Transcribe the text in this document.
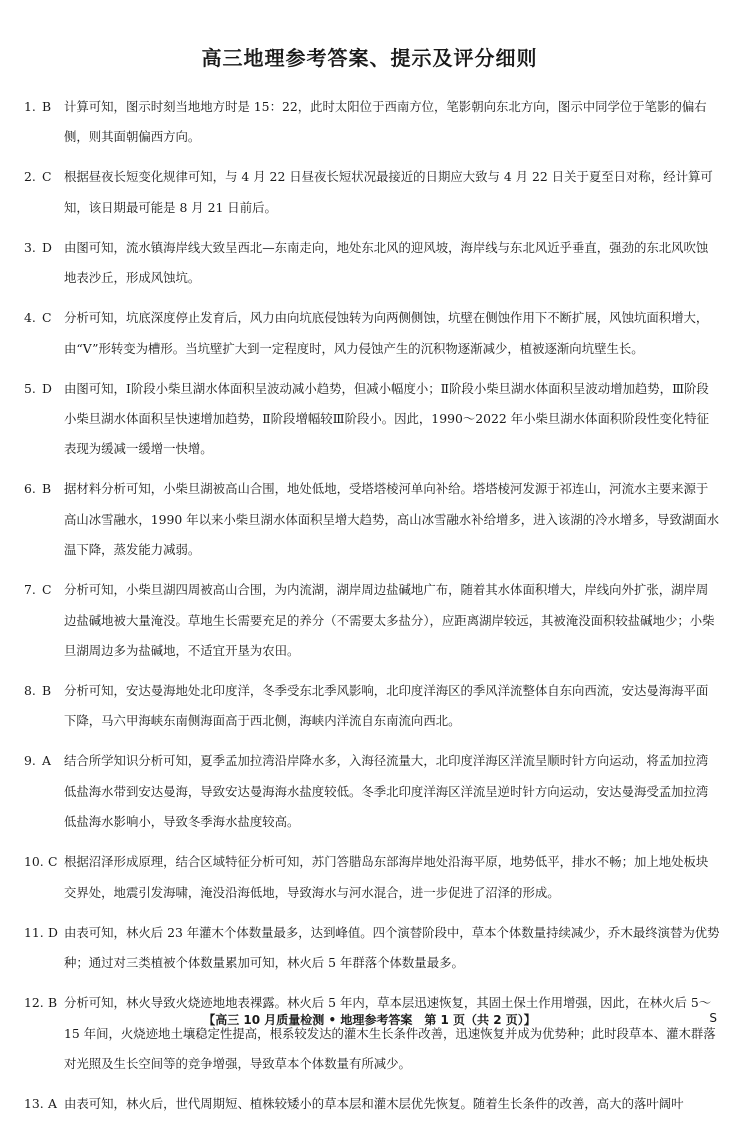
高三地理参考答案、提示及评分细则
1. B	计算可知，图示时刻当地地方时是 15：22，此时太阳位于西南方位，笔影朝向东北方向，图示中同学位于笔影的偏右侧，则其面朝偏西方向。
2. C	根据昼夜长短变化规律可知，与 4 月 22 日昼夜长短状况最接近的日期应大致与 4 月 22 日关于夏至日对称，经计算可知，该日期最可能是 8 月 21 日前后。
3. D 由图可知，流水镇海岸线大致呈西北—东南走向，地处东北风的迎风坡，海岸线与东北风近乎垂直，强劲的东北风吹蚀地表沙丘，形成风蚀坑。
4. C	分析可知，坑底深度停止发育后，风力由向坑底侵蚀转为向两侧侧蚀，坑壁在侧蚀作用下不断扩展，风蚀坑面积增大，由“V”形转变为槽形。当坑壁扩大到一定程度时，风力侵蚀产生的沉积物逐渐减少，植被逐渐向坑壁生长。
5. D 由图可知，Ⅰ阶段小柴旦湖水体面积呈波动减小趋势，但减小幅度小；Ⅱ阶段小柴旦湖水体面积呈波动增加趋势，Ⅲ阶段小柴旦湖水体面积呈快速增加趋势，Ⅱ阶段增幅较Ⅲ阶段小。因此，1990～2022 年小柴旦湖水体面积阶段性变化特征表现为缓减一缓增一快增。
6. B	据材料分析可知，小柴旦湖被高山合围，地处低地，受塔塔棱河单向补给。塔塔棱河发源于祁连山，河流水主要来源于高山冰雪融水，1990 年以来小柴旦湖水体面积呈增大趋势，高山冰雪融水补给增多，进入该湖的冷水增多，导致湖面水温下降，蒸发能力减弱。
7. C	分析可知，小柴旦湖四周被高山合围，为内流湖，湖岸周边盐碱地广布，随着其水体面积增大，岸线向外扩张，湖岸周边盐碱地被大量淹没。草地生长需要充足的养分（不需要太多盐分），应距离湖岸较远，其被淹没面积较盐碱地少；小柴旦湖周边多为盐碱地，不适宜开垦为农田。
8. B	分析可知，安达曼海地处北印度洋，冬季受东北季风影响，北印度洋海区的季风洋流整体自东向西流，安达曼海海平面下降，马六甲海峡东南侧海面高于西北侧，海峡内洋流自东南流向西北。
9. A	结合所学知识分析可知，夏季孟加拉湾沿岸降水多，入海径流量大，北印度洋海区洋流呈顺时针方向运动，将孟加拉湾低盐海水带到安达曼海，导致安达曼海海水盐度较低。冬季北印度洋海区洋流呈逆时针方向运动，安达曼海受孟加拉湾低盐海水影响小，导致冬季海水盐度较高。
10. C 根据沼泽形成原理，结合区域特征分析可知，苏门答腊岛东部海岸地处沿海平原，地势低平，排水不畅；加上地处板块交界处，地震引发海啸，淹没沿海低地，导致海水与河水混合，进一步促进了沼泽的形成。
11. D 由表可知，林火后 23 年灌木个体数量最多，达到峰值。四个演替阶段中，草本个体数量持续减少，乔木最终演替为优势种；通过对三类植被个体数量累加可知，林火后 5 年群落个体数量最多。
12. B 分析可知，林火导致火烧迹地地表裸露。林火后 5 年内，草本层迅速恢复，其固土保土作用增强，因此，在林火后 5～15 年间，火烧迹地土壤稳定性提高，根系较发达的灌木生长条件改善，迅速恢复并成为优势种；此时段草本、灌木群落对光照及生长空间等的竞争增强，导致草本个体数量有所减少。
13. A 由表可知，林火后，世代周期短、植株较矮小的草本层和灌木层优先恢复。随着生长条件的改善，高大的落叶阔叶
【高三 10 月质量检测 • 地理参考答案　第 1 页（共 2 页）】	S
